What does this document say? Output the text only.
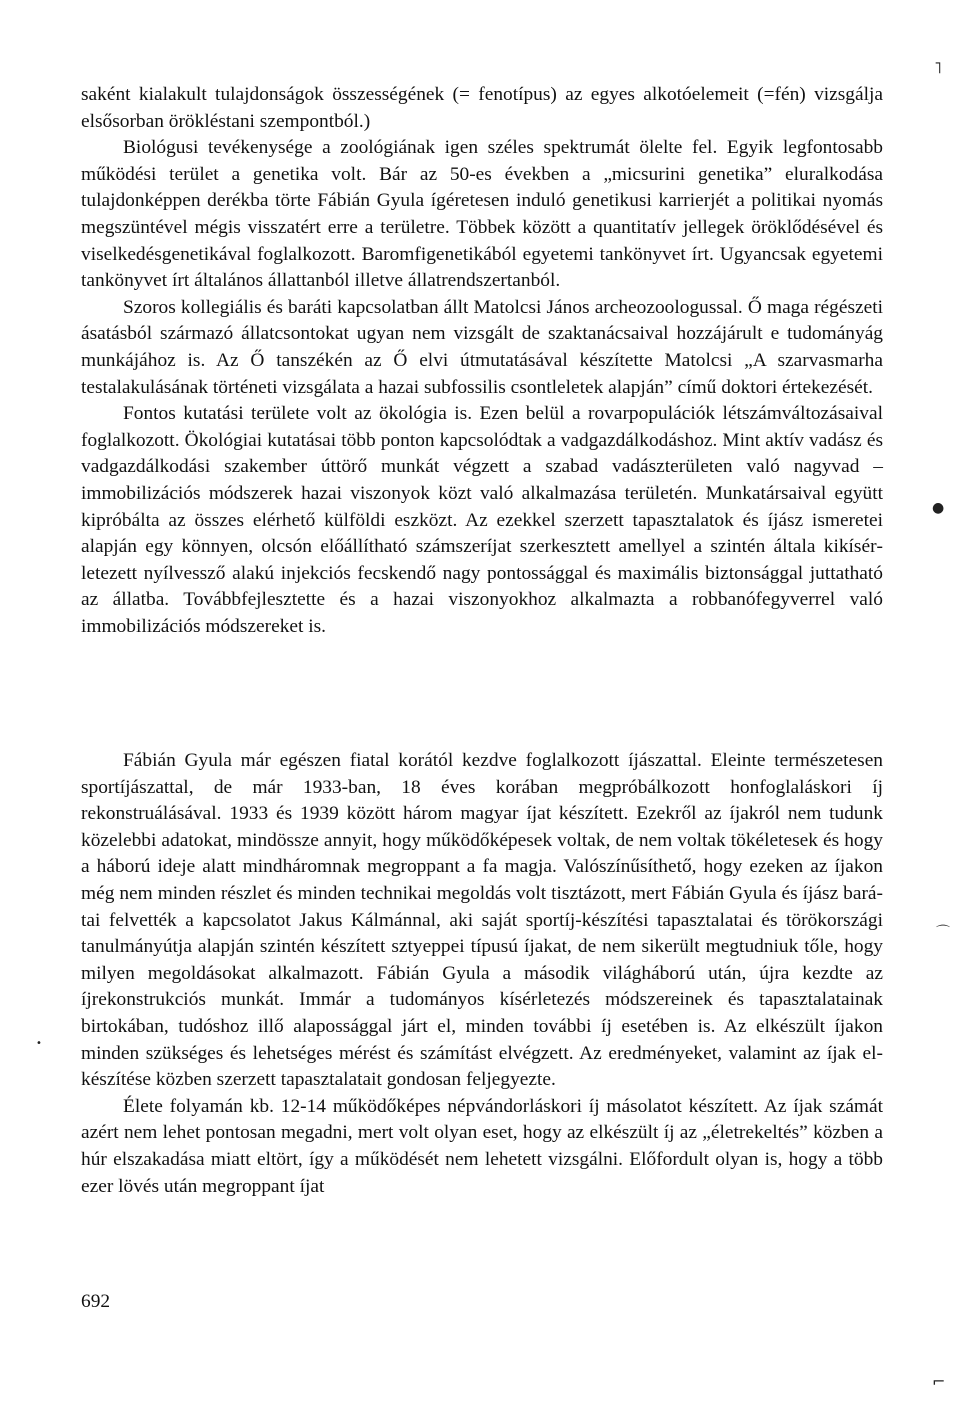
saként kialakult tulajdonságok összességének (= fenotípus) az egyes alkotóelemeit (=fén) vizsgálja elsősorban örökléstani szempontból.)

Biológusi tevékenysége a zoológiának igen széles spektrumát ölelte fel. Egyik legfontosabb működési terület a genetika volt. Bár az 50-es években a „micsurini genetika” eluralkodása tulajdonképpen derékba törte Fábián Gyula ígéretesen induló genetikusi karrierjét a politikai nyomás megszüntével mégis visszatért erre a területre. Többek között a quantitatív jellegek öröklődésével és viselkedésgenetikával foglalkozott. Baromfigenetikából egyetemi tankönyvet írt. Ugyancsak egyetemi tankönyvet írt általános állattanból illetve állatrendszertanból.

Szoros kollegiális és baráti kapcsolatban állt Matolcsi János archeozoologussal. Ő maga régészeti ásatásból származó állatcsontokat ugyan nem vizsgált de szaktanácsaival hozzájárult e tudományág munkájához is. Az Ő tanszékén az Ő elvi útmutatásával készítette Matolcsi „A szarvasmarha testalakulásának történeti vizsgálata a hazai subfossilis csontleletek alapján” című doktori értekezését.

Fontos kutatási területe volt az ökológia is. Ezen belül a rovarpopulációk létszámváltozásaival foglalkozott. Ökológiai kutatásai több ponton kapcsolódtak a vadgazdálkodáshoz. Mint aktív vadász és vadgazdálkodási szakember úttörő munkát végzett a szabad vadászterületen való nagyvad – immobilizációs módszerek hazai viszonyok közt való alkalmazása területén. Munkatársaival együtt kipróbálta az összes elérhető külföldi eszközt. Az ezekkel szerzett tapasztalatok és íjász ismeretei alapján egy könnyen, olcsón előállítható számszeríjat szerkesztett amellyel a szintén általa kikísérletezett nyílvessző alakú injekciós fecskendő nagy pontossággal és maximális biztonsággal juttatható az állatba. Továbbfejlesztette és a hazai viszonyokhoz alkalmazta a robbanófegyverrel való immobilizációs módszereket is.

Fábián Gyula már egészen fiatal korától kezdve foglalkozott íjászattal. Eleinte természetesen sportíjászattal, de már 1933-ban, 18 éves korában megpróbálkozott honfoglaláskori íj rekonstruálásával. 1933 és 1939 között három magyar íjat készített. Ezekről az íjakról nem tudunk közelebbi adatokat, mindössze annyit, hogy működőképesek voltak, de nem voltak tökéletesek és hogy a háború ideje alatt mindháromnak megroppant a fa magja. Valószínűsíthető, hogy ezeken az íjakon még nem minden részlet és minden technikai megoldás volt tisztázott, mert Fábián Gyula és íjász barátai felvették a kapcsolatot Jakus Kálmánnal, aki saját sportíj-készítési tapasztalatai és törökországi tanulmányútja alapján szintén készített sztyeppei típusú íjakat, de nem sikerült megtudniuk tőle, hogy milyen megoldásokat alkalmazott. Fábián Gyula a második világháború után, újra kezdte az íjrekonstrukciós munkát. Immár a tudományos kísérletezés módszereinek és tapasztalatainak birtokában, tudóshoz illő alapossággal járt el, minden további íj esetében is. Az elkészült íjakon minden szükséges és lehetséges mérést és számítást elvégzett. Az eredményeket, valamint az íjak elkészítése közben szerzett tapasztalatait gondosan feljegyezte.

Élete folyamán kb. 12-14 működőképes népvándorláskori íj másolatot készített. Az íjak számát azért nem lehet pontosan megadni, mert volt olyan eset, hogy az elkészült íj az „életrekeltés” közben a húr elszakadása miatt eltört, így a működését nem lehetett vizsgálni. Előfordult olyan is, hogy a több ezer lövés után megroppant íjat

692
˥
●
•
⌒
⌐
